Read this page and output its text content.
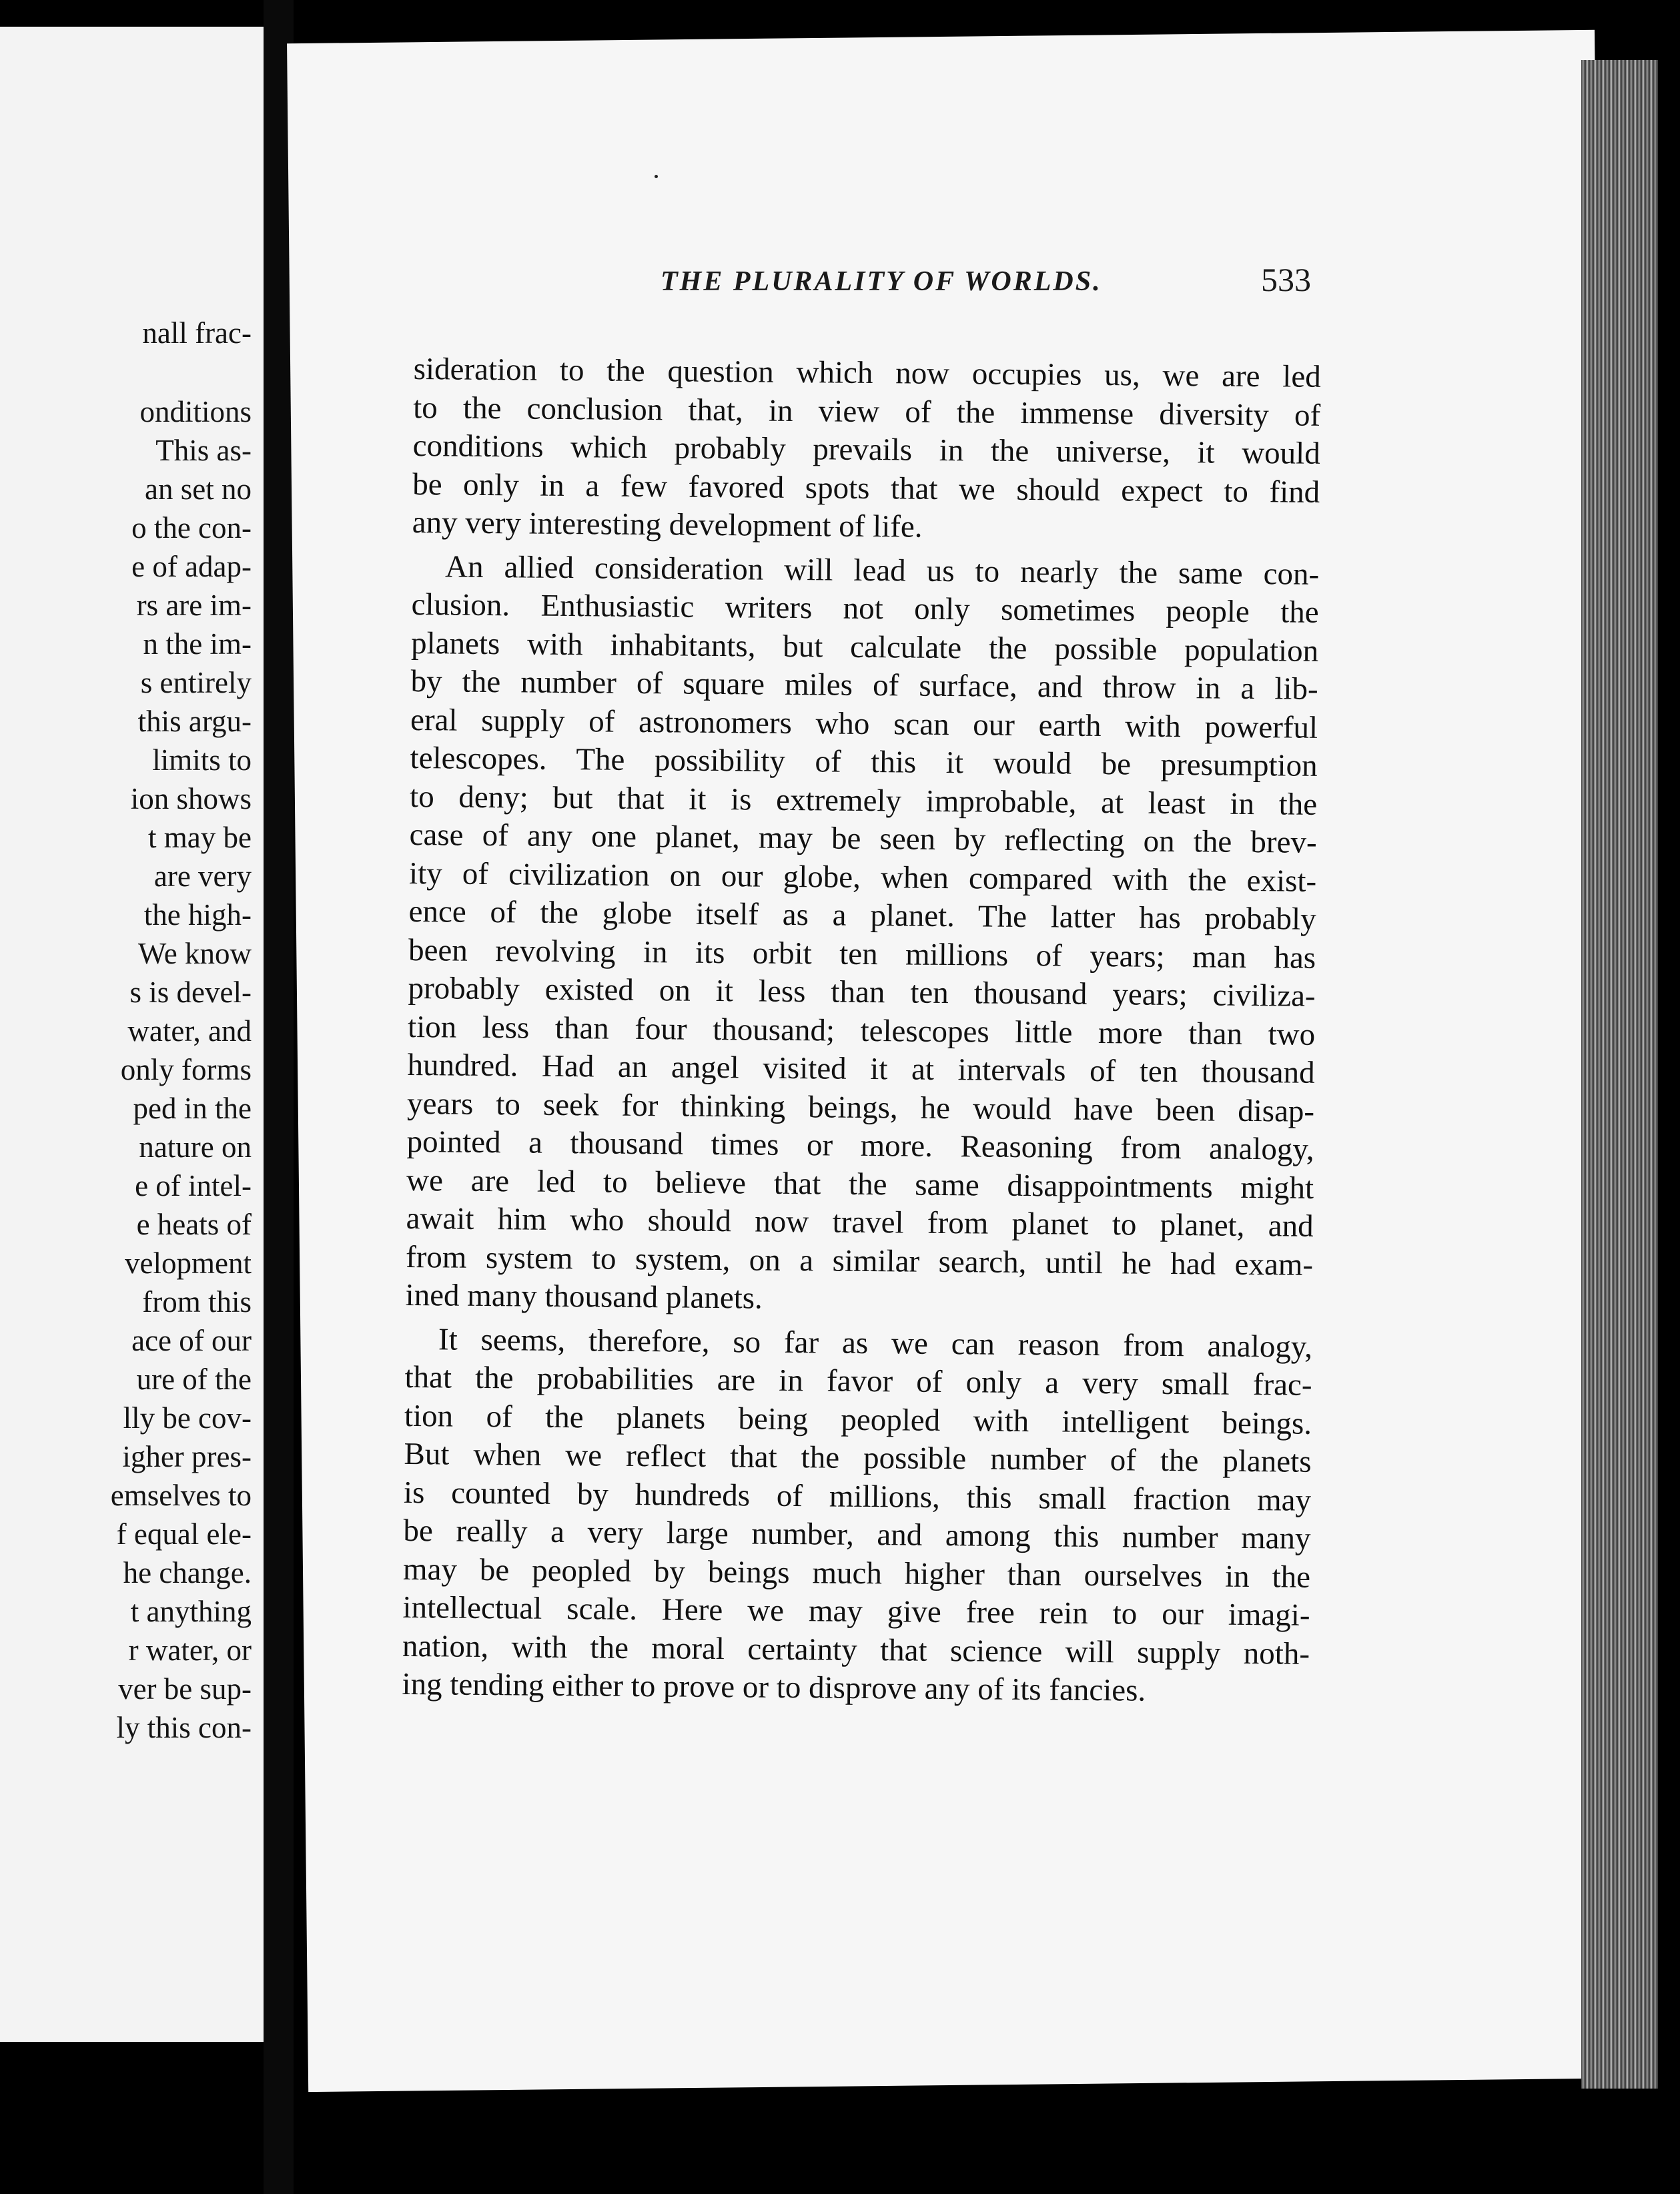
nall frac-
onditions
This as-
an set no
o the con-
e of adap-
rs are im-
n the im-
s entirely
this argu-
limits to
ion shows
t may be
are very
the high-
We know
s is devel-
water, and
only forms
ped in the
nature on
e of intel-
e heats of
velopment
from this
ace of our
ure of the
lly be cov-
igher pres-
emselves to
f equal ele-
he change.
t anything
r water, or
ver be sup-
ly this con-
THE PLURALITY OF WORLDS.	533
sideration to the question which now occupies us, we are led
to the conclusion that, in view of the immense diversity of
conditions which probably prevails in the universe, it would
be only in a few favored spots that we should expect to find
any very interesting development of life.
An allied consideration will lead us to nearly the same con-
clusion. Enthusiastic writers not only sometimes people the
planets with inhabitants, but calculate the possible population
by the number of square miles of surface, and throw in a lib-
eral supply of astronomers who scan our earth with powerful
telescopes. The possibility of this it would be presumption
to deny; but that it is extremely improbable, at least in the
case of any one planet, may be seen by reflecting on the brev-
ity of civilization on our globe, when compared with the exist-
ence of the globe itself as a planet. The latter has probably
been revolving in its orbit ten millions of years; man has
probably existed on it less than ten thousand years; civiliza-
tion less than four thousand; telescopes little more than two
hundred. Had an angel visited it at intervals of ten thousand
years to seek for thinking beings, he would have been disap-
pointed a thousand times or more. Reasoning from analogy,
we are led to believe that the same disappointments might
await him who should now travel from planet to planet, and
from system to system, on a similar search, until he had exam-
ined many thousand planets.
It seems, therefore, so far as we can reason from analogy,
that the probabilities are in favor of only a very small frac-
tion of the planets being peopled with intelligent beings.
But when we reflect that the possible number of the planets
is counted by hundreds of millions, this small fraction may
be really a very large number, and among this number many
may be peopled by beings much higher than ourselves in the
intellectual scale. Here we may give free rein to our imagi-
nation, with the moral certainty that science will supply noth-
ing tending either to prove or to disprove any of its fancies.
